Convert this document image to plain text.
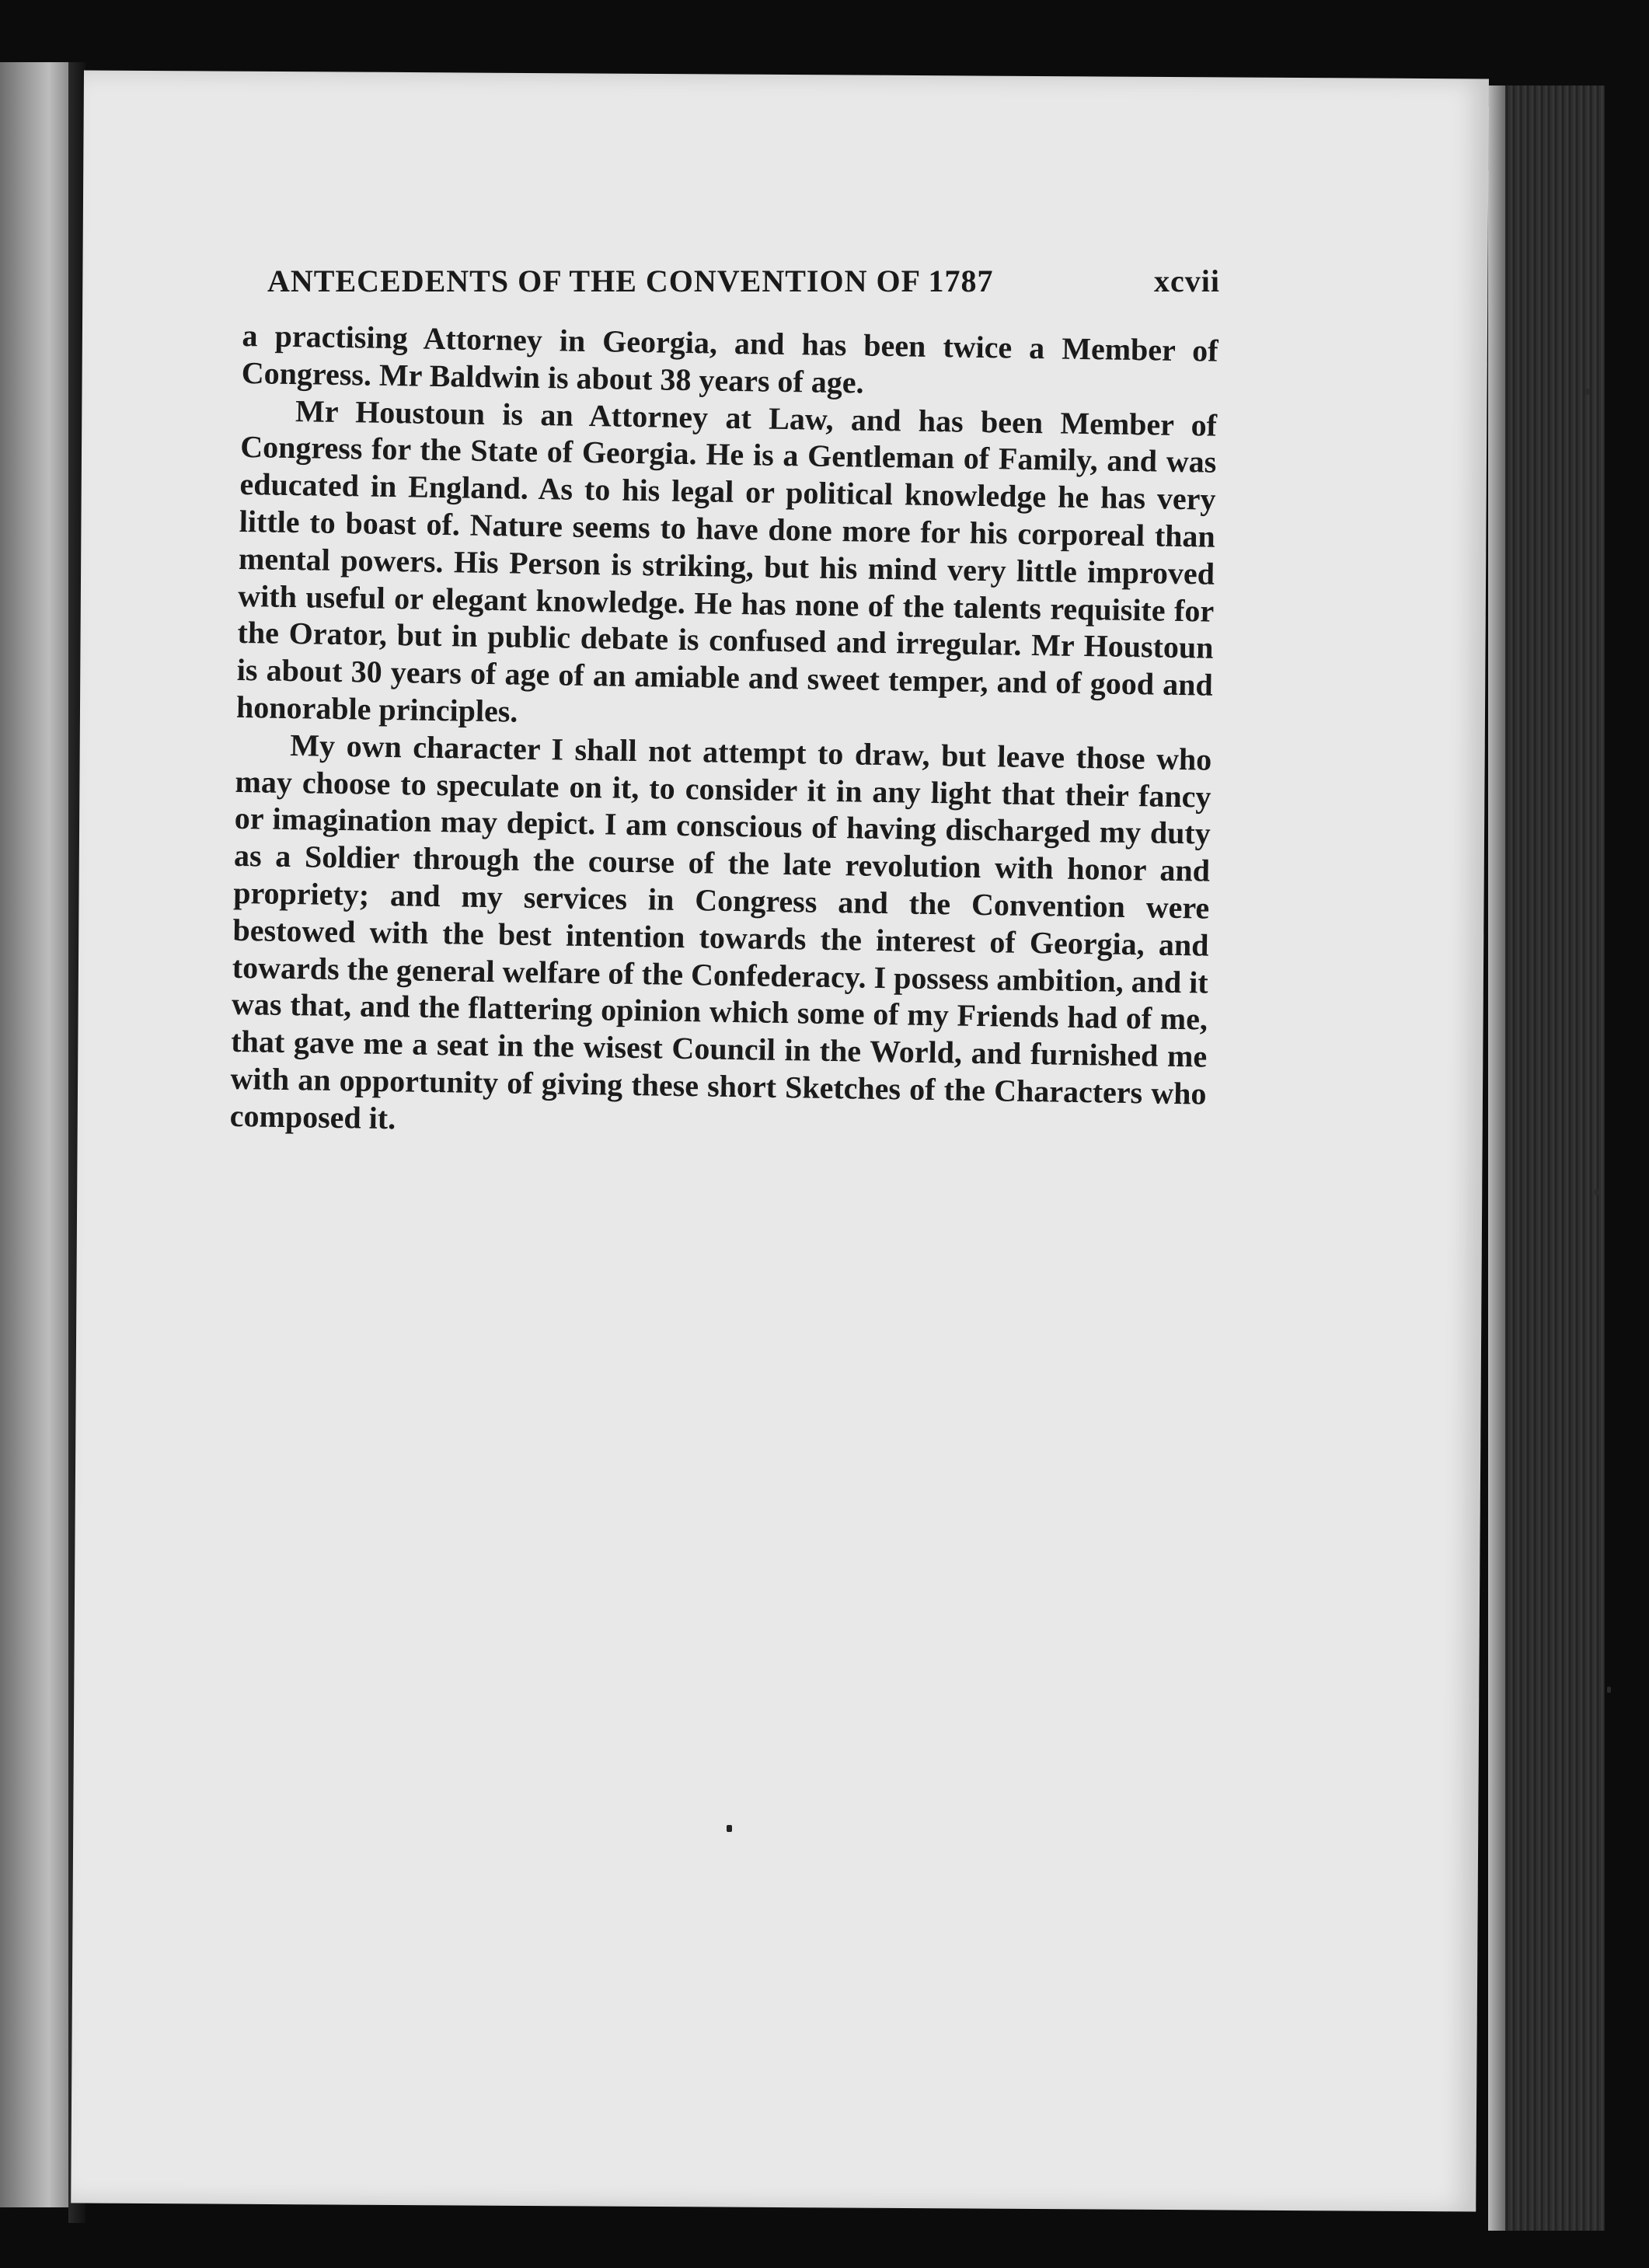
ANTECEDENTS OF THE CONVENTION OF 1787	xcvii

a practising Attorney in Georgia, and has been twice a Member of Congress. Mr Baldwin is about 38 years of age.

Mr Houstoun is an Attorney at Law, and has been Member of Congress for the State of Georgia. He is a Gentleman of Family, and was educated in England. As to his legal or political knowledge he has very little to boast of. Nature seems to have done more for his corporeal than mental powers. His Person is striking, but his mind very little improved with useful or elegant knowledge. He has none of the talents requisite for the Orator, but in public debate is confused and irregular. Mr Houstoun is about 30 years of age of an amiable and sweet temper, and of good and honorable principles.

My own character I shall not attempt to draw, but leave those who may choose to speculate on it, to consider it in any light that their fancy or imagination may depict. I am conscious of having discharged my duty as a Soldier through the course of the late revolution with honor and propriety; and my services in Congress and the Convention were bestowed with the best intention towards the interest of Georgia, and towards the general welfare of the Confederacy. I possess ambition, and it was that, and the flattering opinion which some of my Friends had of me, that gave me a seat in the wisest Council in the World, and furnished me with an opportunity of giving these short Sketches of the Characters who composed it.
